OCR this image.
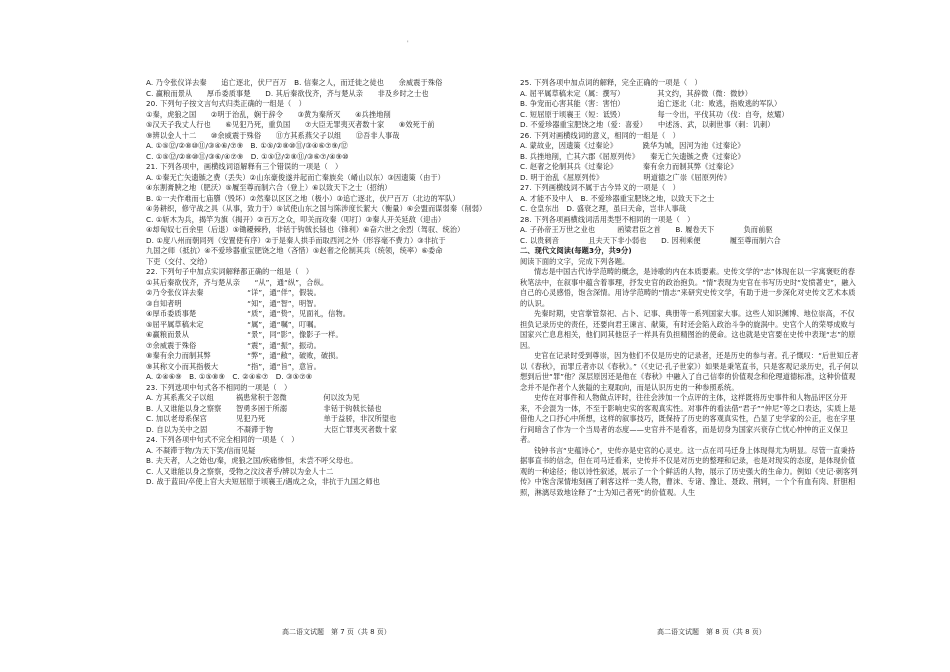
'
A. 乃令张仪详去秦　　追亡逐北，伏尸百万　B. 信秦之人，而迁徙之徒也　　余威震于殊俗
C. 赢粮而景从　　厚币委质事楚　　D. 其后秦欲伐齐，齐与楚从亲　　非及乡时之士也
20. 下列句子按文言句式归类正确的一组是（　）
①秦，虎狼之国　　②明于治乱，娴于辞令　　③黄为秦所灭　　④兵挫地削
⑤汉天子我丈人行也　　⑥见犯乃死，重负国　　⑦大臣无罪夷灭者数十家　　⑧效死于前
⑨辨以金人十二　　⑩余威震于殊俗　　⑪方其系燕父子以组　　⑫吾非人事哉
A. ①⑤⑫/②⑧⑩⑪/③④⑥/⑦⑨　B. ①⑤/②⑧⑩⑪/③④⑥⑦⑨/⑫
C. ①⑤⑫/②⑧⑩⑪/③⑥/④⑦⑨　D. ①⑤⑫/②⑧⑪/③⑥⑦/④⑨⑩
21. 下列各项中，画横线词语解释有三个错误的一项是（　）
A. ①秦无亡矢遗镞之费（丢失）②山东豪俊遂并起而亡秦族矣（崤山以东）③因遗策（由于）
④东割膏腴之地（肥沃）⑤履至尊而制六合（登上）⑥以致天下之士（招纳）
B. ①一夫作难而七庙隳（毁坏）②然秦以区区之地（极小）③追亡逐北，伏尸百万（北边的军队）
④务耕织，修守战之具（从事，致力于）⑤试使山东之国与陈涉度长絜大（衡量）⑥会盟而谋弱秦（削弱）
C. ①斩木为兵，揭竿为旗（揭开）②百万之众，叩关而攻秦（叩打）③秦人开关延敌（迎击）
④却匈奴七百余里（后退）⑤锄耰棘矜，非铦于钩戟长铩也（锋利）⑥奋六世之余烈（驾驭、统治）
D. ①度八州而朝同列（安置使有序）②于是秦人拱手而取西河之外（形容毫不费力）③非抗于
九国之师（抵抗）④不爱珍器重宝肥饶之地（吝惜）⑤赵奢之伦制其兵（统领，统率）⑥委命
下吏（交付、交给）
22. 下列句子中加点实词解释都正确的一组是（　）
①其后秦欲伐齐，齐与楚从亲　　“从”，通“纵”，合纵。
②乃令张仪详去秦　　　　　　“详”，通“佯”，假装。
③自知者明　　　　　　　　　“知”，通“智”，明智。
④厚币委质事楚　　　　　　　“质”，通“贽”，见面礼，信物。
⑤屈平属草稿未定　　　　　　“属”，通“嘱”，叮嘱。
⑥赢粮而景从　　　　　　　　“景”，同“影”，像影子一样。
⑦余威震于殊俗　　　　　　　“震”，通“振”，振动。
⑧秦有余力而制其弊　　　　　“弊”，通“敝”，破败，破损。
⑨其称文小而其指极大　　　　“指”，通“旨”，意旨。
A. ②④⑥⑨　B. ①⑤⑧⑨　C. ②④⑥⑦　D. ③⑤⑦⑧
23. 下列选项中句式各不相同的一项是（　）
A. 方其系燕父子以组　　　祸患常积于忽微　　　　　何以汝为见
B. 人又谁能以身之察察　　智勇多困于所溺　　　　　非铦于钩戟长铩也
C. 加以老母系保宫　　　　见犯乃死　　　　　　　　单于益骄，非汉所望也
D. 自以为关中之固　　　　不凝滞于物　　　　　　　大臣亡罪夷灭者数十家
24. 下列各项中句式不完全相同的一项是（　）
A. 不凝滞于物/为天下笑/信而见疑
B. 夫天者，人之始也/秦，虎狼之国/疾痛惨怛，未尝不呼父母也。
C. 人又谁能以身之察察，受物之汶汶者乎/辨以为金人十二
D. 战于蓝田/卒使上官大夫短屈原于顷襄王/遇成之众，非抗于九国之师也
25. 下列各项中加点词的解释，完全正确的一项是（　）
A. 屈平属草稿未定（属：撰写）　　　　　其文约，其辞微（微：微妙）
B. 争宠而心害其能（害：害怕）　　　　　追亡逐北（北：败逃，指败逃的军队）
C. 短屈原于顷襄王（短：诋毁）　　　　　每一令出，平伐其功（伐：自夸，炫耀）
D. 不爱珍器重宝肥饶之地（爱：喜爱）　　中述汤、武，以刺世事（刺：讥刺）
26. 下列对画横线词的意义，相同的一组是（　）
A. 蒙故业，因遗策《过秦论》　　　　跣华为城，因河为池《过秦论》
B. 兵挫地削，亡其六郡《屈原列传》　　秦无亡矢遗镞之费《过秦论》
C. 赵奢之伦制其兵《过秦论》　　　　秦有余力而制其弊《过秦论》
D. 明于治乱《屈原列传》　　　　　　明道德之广崇《屈原列传》
27. 下列画横线词不属于古今异义的一项是（　）
A. 才能不及中人　B. 不爱珍器重宝肥饶之地，以致天下之士
C. 仓皇东出　D. 盛衰之理，虽曰天命，岂非人事哉
28. 下列各项画横线词活用类型不相同的一项是（　）
A. 子孙帝王万世之业也　　　函梁君臣之首　　B. 履卷天下　　　　负而前驱
C. 以贵刺音　　　　且夫天下非小弱也　　D. 因利乘便　　　　履至尊而制六合
二、现代文阅读(每题3分，共9分)
阅读下面的文字，完成下列各题。
情志是中国古代诗学范畴的概念，是诗歌的内在本质要素。史传文学的“志”体现在以一字寓褒贬的春秋笔法中，在叙事中蕴含着事理，抒发史官的政治抱负。“情”表现为史官在书写历史时“发愤著史”，融入自己的心灵感悟，饱含深情。用诗学范畴的“情志”来研究史传文学，有助于进一步深化对史传文艺术本质的认识。
先秦时期，史官掌管祭祀、占卜、记事、典册等一系列国家大事。这些人知识渊博、地位崇高，不仅担负记录历史的责任，还要向君王谏言、献策，有时还会陷入政治斗争的旋涡中。史官个人的荣辱成败与国家兴亡息息相关，他们同其他臣子一样具有负担精图治的使命。这也就是史官要在史传中表现“志”的原因。
史官在记录时受到尊崇，因为他们不仅是历史的记录者，还是历史的参与者。孔子慨叹：“后世知丘者以《春秋》，而罪丘者亦以《春秋》。”（《史记·孔子世家》）如果是秉笔直书，只是客观记录历史，孔子何以想到后世“罪”他？深层原因还是他在《春秋》中融入了自己信奉的价值观念和伦理道德标准，这种价值观念并不是作者个人狭隘的主观取向，而是认识历史的一种参照系统。
史传在对事件和人物做点评时，往往会涉加一个点评的主体，这样既将历史事件和人物品评区分开来，不会混为一体，不至于影响史实的客观真实性。对事件的看法借“君子”“仲尼”等之口表达，实质上是借他人之口抒心中所想，这样的叙事技巧，既保持了历史的客观真实性，凸显了史学家的公正，也在字里行间暗含了作为一个当局者的态度——史官并不是看客，而是切身为国家兴衰存亡忧心忡忡的正义保卫者。
钱钟书言“史蕴诗心”，史传亦是史官的心灵史。这一点在司马迁身上体现得尤为明显。尽管一直秉持据事直书的信念，但在司马迁看来，史传并不仅是对历史的整理和记录，也是对现实的态度，是体现价值观的一种途径；他以诗性叙述，展示了一个个鲜活的人物，展示了历史强大的生命力。例如《史记·刺客列传》中饱含深情地刻画了刺客这样一类人物，曹沫、专诸、豫让、聂政、荆轲，一个个有血有肉、肝胆相照，淋漓尽致地诠释了“士为知己者死”的价值观。人生
高二语文试题　第 7 页（共 8 页）	高二语文试题　第 8 页（共 8 页）
